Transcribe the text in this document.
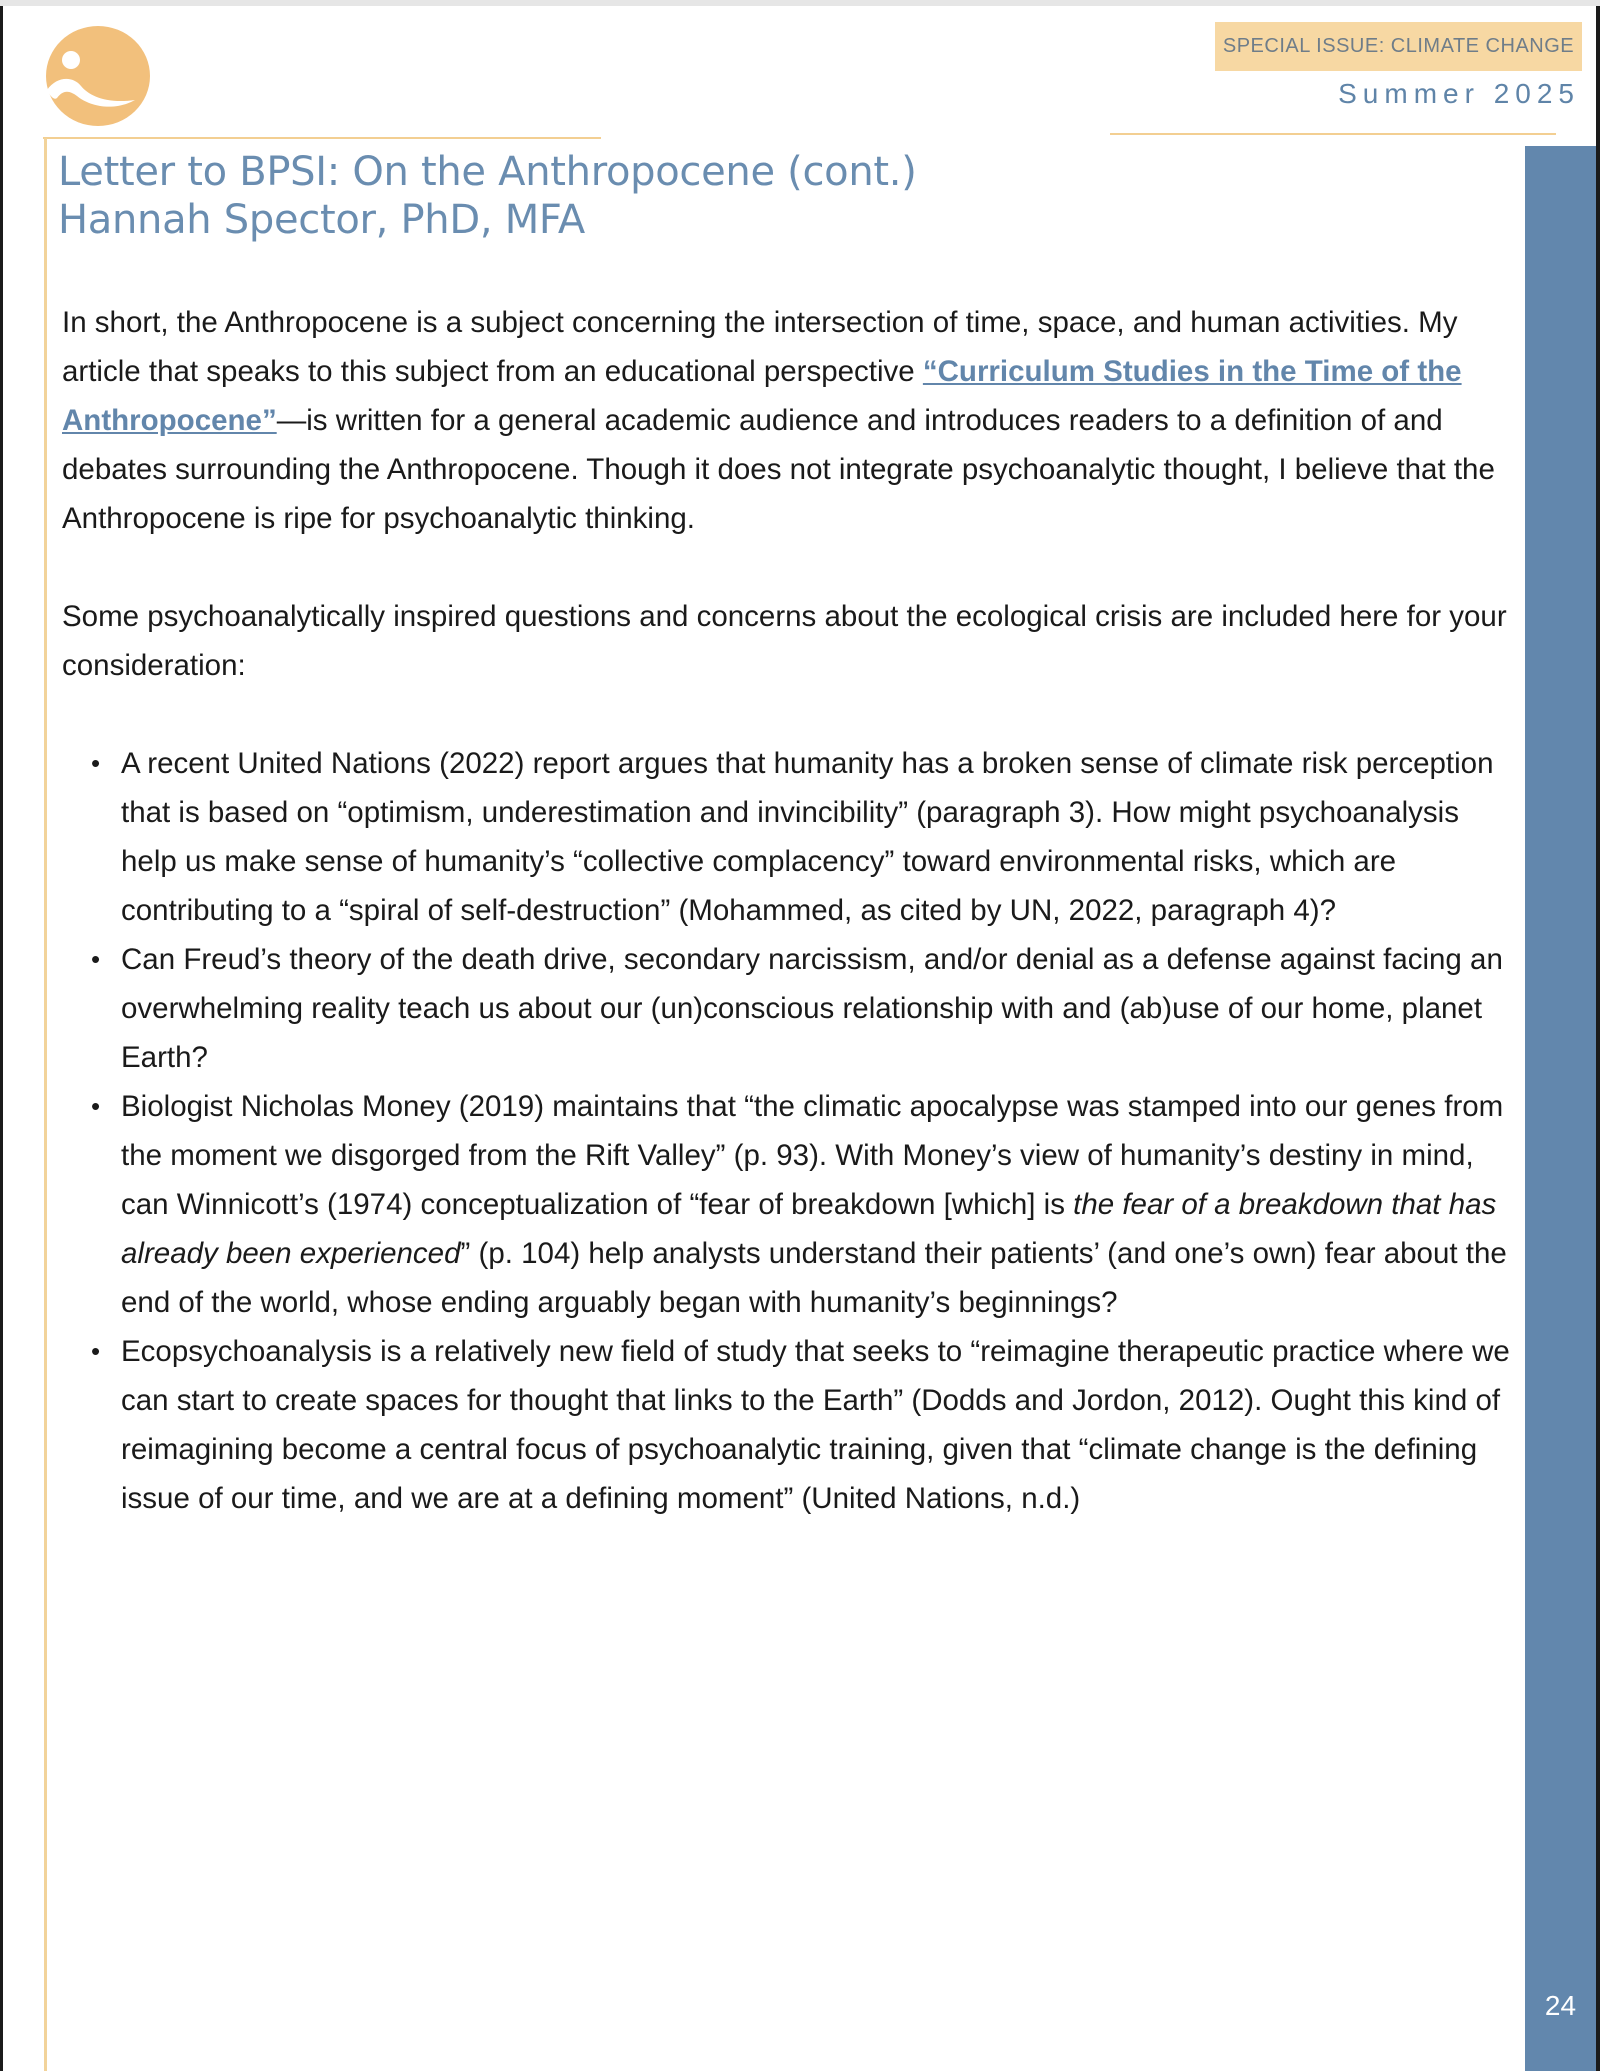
SPECIAL ISSUE: CLIMATE CHANGE
Summer 2025
24
Letter to BPSI: On the Anthropocene (cont.)
Hannah Spector, PhD, MFA

In short, the Anthropocene is a subject concerning the intersection of time, space, and human activities. My article that speaks to this subject from an educational perspective “Curriculum Studies in the Time of the Anthropocene”—is written for a general academic audience and introduces readers to a definition of and debates surrounding the Anthropocene. Though it does not integrate psychoanalytic thought, I believe that the Anthropocene is ripe for psychoanalytic thinking.

Some psychoanalytically inspired questions and concerns about the ecological crisis are included here for your consideration:

• A recent United Nations (2022) report argues that humanity has a broken sense of climate risk perception that is based on “optimism, underestimation and invincibility” (paragraph 3). How might psychoanalysis help us make sense of humanity’s “collective complacency” toward environmental risks, which are contributing to a “spiral of self-destruction” (Mohammed, as cited by UN, 2022, paragraph 4)?
• Can Freud’s theory of the death drive, secondary narcissism, and/or denial as a defense against facing an overwhelming reality teach us about our (un)conscious relationship with and (ab)use of our home, planet Earth?
• Biologist Nicholas Money (2019) maintains that “the climatic apocalypse was stamped into our genes from the moment we disgorged from the Rift Valley” (p. 93). With Money’s view of humanity’s destiny in mind, can Winnicott’s (1974) conceptualization of “fear of breakdown [which] is the fear of a breakdown that has already been experienced” (p. 104) help analysts understand their patients’ (and one’s own) fear about the end of the world, whose ending arguably began with humanity’s beginnings?
• Ecopsychoanalysis is a relatively new field of study that seeks to “reimagine therapeutic practice where we can start to create spaces for thought that links to the Earth” (Dodds and Jordon, 2012). Ought this kind of reimagining become a central focus of psychoanalytic training, given that “climate change is the defining issue of our time, and we are at a defining moment” (United Nations, n.d.)
